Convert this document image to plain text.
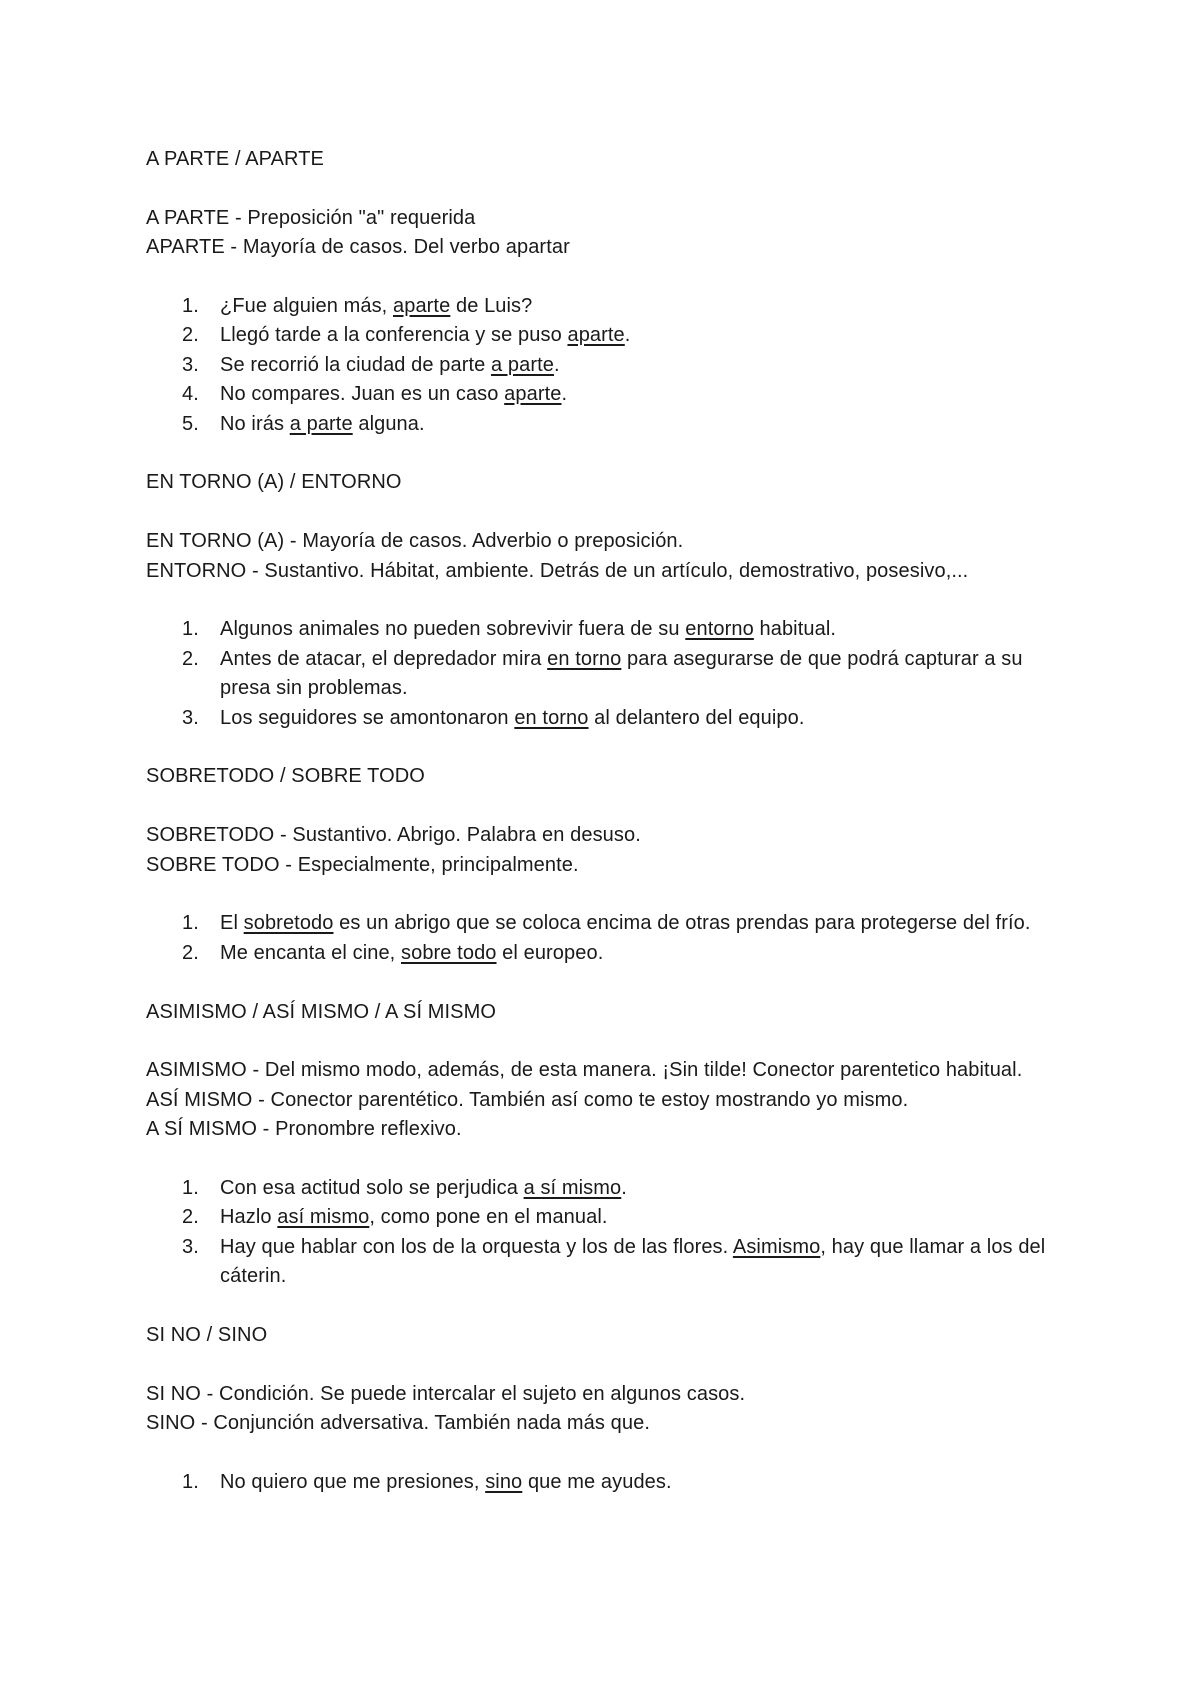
A PARTE / APARTE

A PARTE - Preposición "a" requerida

APARTE - Mayoría de casos. Del verbo apartar

1. ¿Fue alguien más, aparte de Luis?
2. Llegó tarde a la conferencia y se puso aparte.
3. Se recorrió la ciudad de parte a parte.
4. No compares. Juan es un caso aparte.
5. No irás a parte alguna.

EN TORNO (A) / ENTORNO

EN TORNO (A) - Mayoría de casos. Adverbio o preposición.

ENTORNO - Sustantivo. Hábitat, ambiente. Detrás de un artículo, demostrativo, posesivo,...

1. Algunos animales no pueden sobrevivir fuera de su entorno habitual.
2. Antes de atacar, el depredador mira en torno para asegurarse de que podrá capturar a su presa sin problemas.
3. Los seguidores se amontonaron en torno al delantero del equipo.

SOBRETODO / SOBRE TODO

SOBRETODO - Sustantivo. Abrigo. Palabra en desuso.

SOBRE TODO - Especialmente, principalmente.

1. El sobretodo es un abrigo que se coloca encima de otras prendas para protegerse del frío.
2. Me encanta el cine, sobre todo el europeo.

ASIMISMO / ASÍ MISMO / A SÍ MISMO

ASIMISMO - Del mismo modo, además, de esta manera. ¡Sin tilde! Conector parentetico habitual.

ASÍ MISMO - Conector parentético. También así como te estoy mostrando yo mismo.

A SÍ MISMO - Pronombre reflexivo.

1. Con esa actitud solo se perjudica a sí mismo.
2. Hazlo así mismo, como pone en el manual.
3. Hay que hablar con los de la orquesta y los de las flores. Asimismo, hay que llamar a los del cáterin.

SI NO / SINO

SI NO - Condición. Se puede intercalar el sujeto en algunos casos.

SINO - Conjunción adversativa. También nada más que.

1. No quiero que me presiones, sino que me ayudes.
